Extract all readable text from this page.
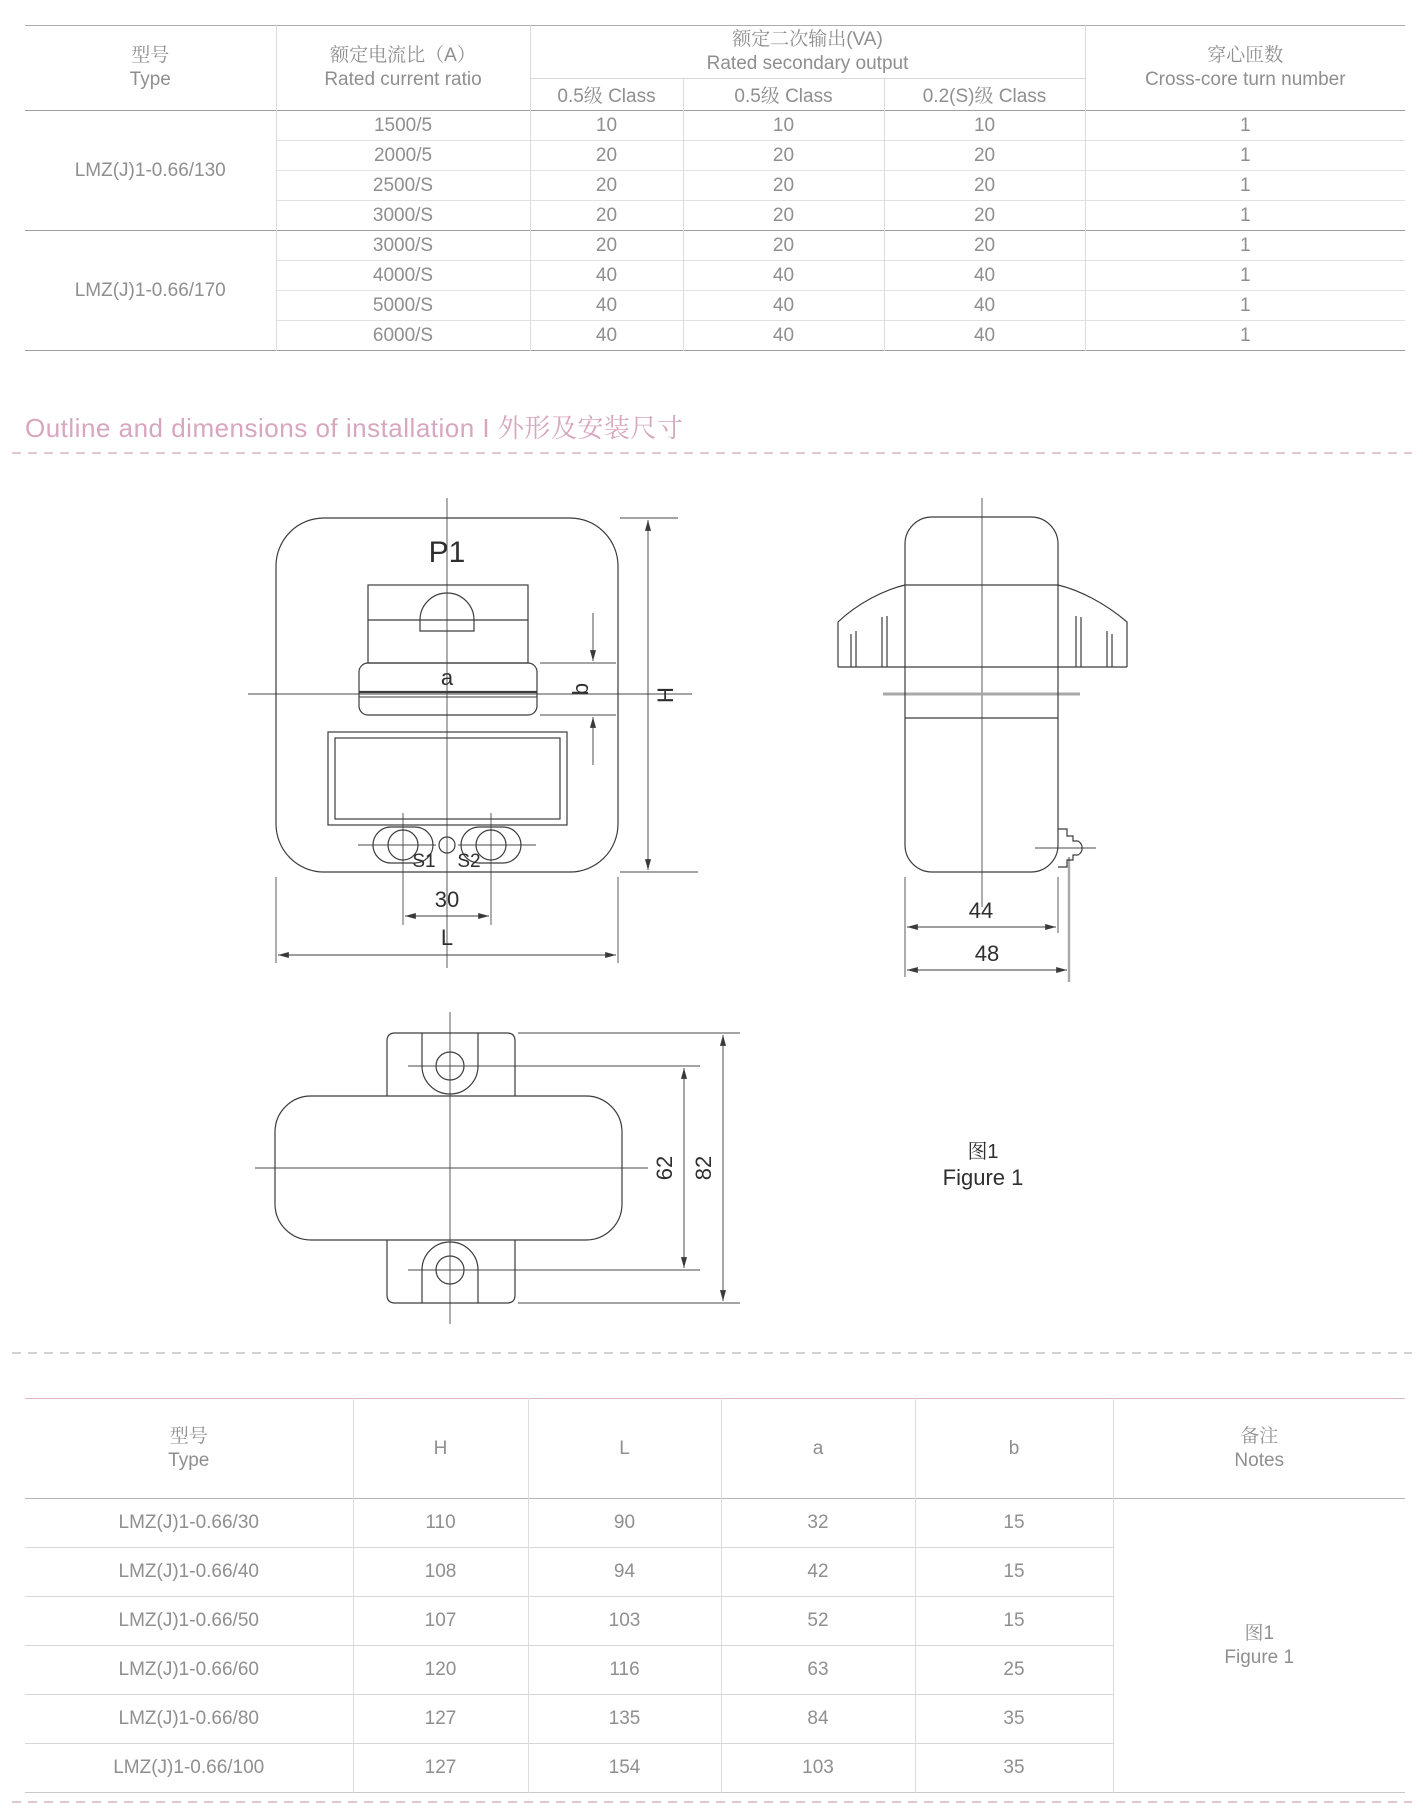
型号
Type

额定电流比（A）
Rated current ratio

额定二次输出(VA)
Rated secondary output	穿心匝数
Cross-core turn number

		0.5级 Class	0.5级 Class	0.2(S)级 Class	
LMZ(J)1-0.66/130	1500/5	10	10	10	1
	2000/5	20	20	20	1
	2500/S	20	20	20	1
	3000/S	20	20	20	1
LMZ(J)1-0.66/170	3000/S	20	20	20	1
	4000/S	40	40	40	1
	5000/S	40	40	40	1
	6000/S	40	40	40	1
Outline and dimensions of installation I 外形及安装尺寸
P1
a	b	H
S1 S2
30
L
44
48
62 82
图1
Figure 1
型号
Type
	H	L	a	b	
备注
Notes

LMZ(J)1-0.66/30	110	90	32	15	图1
Figure 1

LMZ(J)1-0.66/40	108	94	42	15	
LMZ(J)1-0.66/50	107	103	52	15	
LMZ(J)1-0.66/60	120	116	63	25	
LMZ(J)1-0.66/80	127	135	84	35	
LMZ(J)1-0.66/100	127	154	103	35	
